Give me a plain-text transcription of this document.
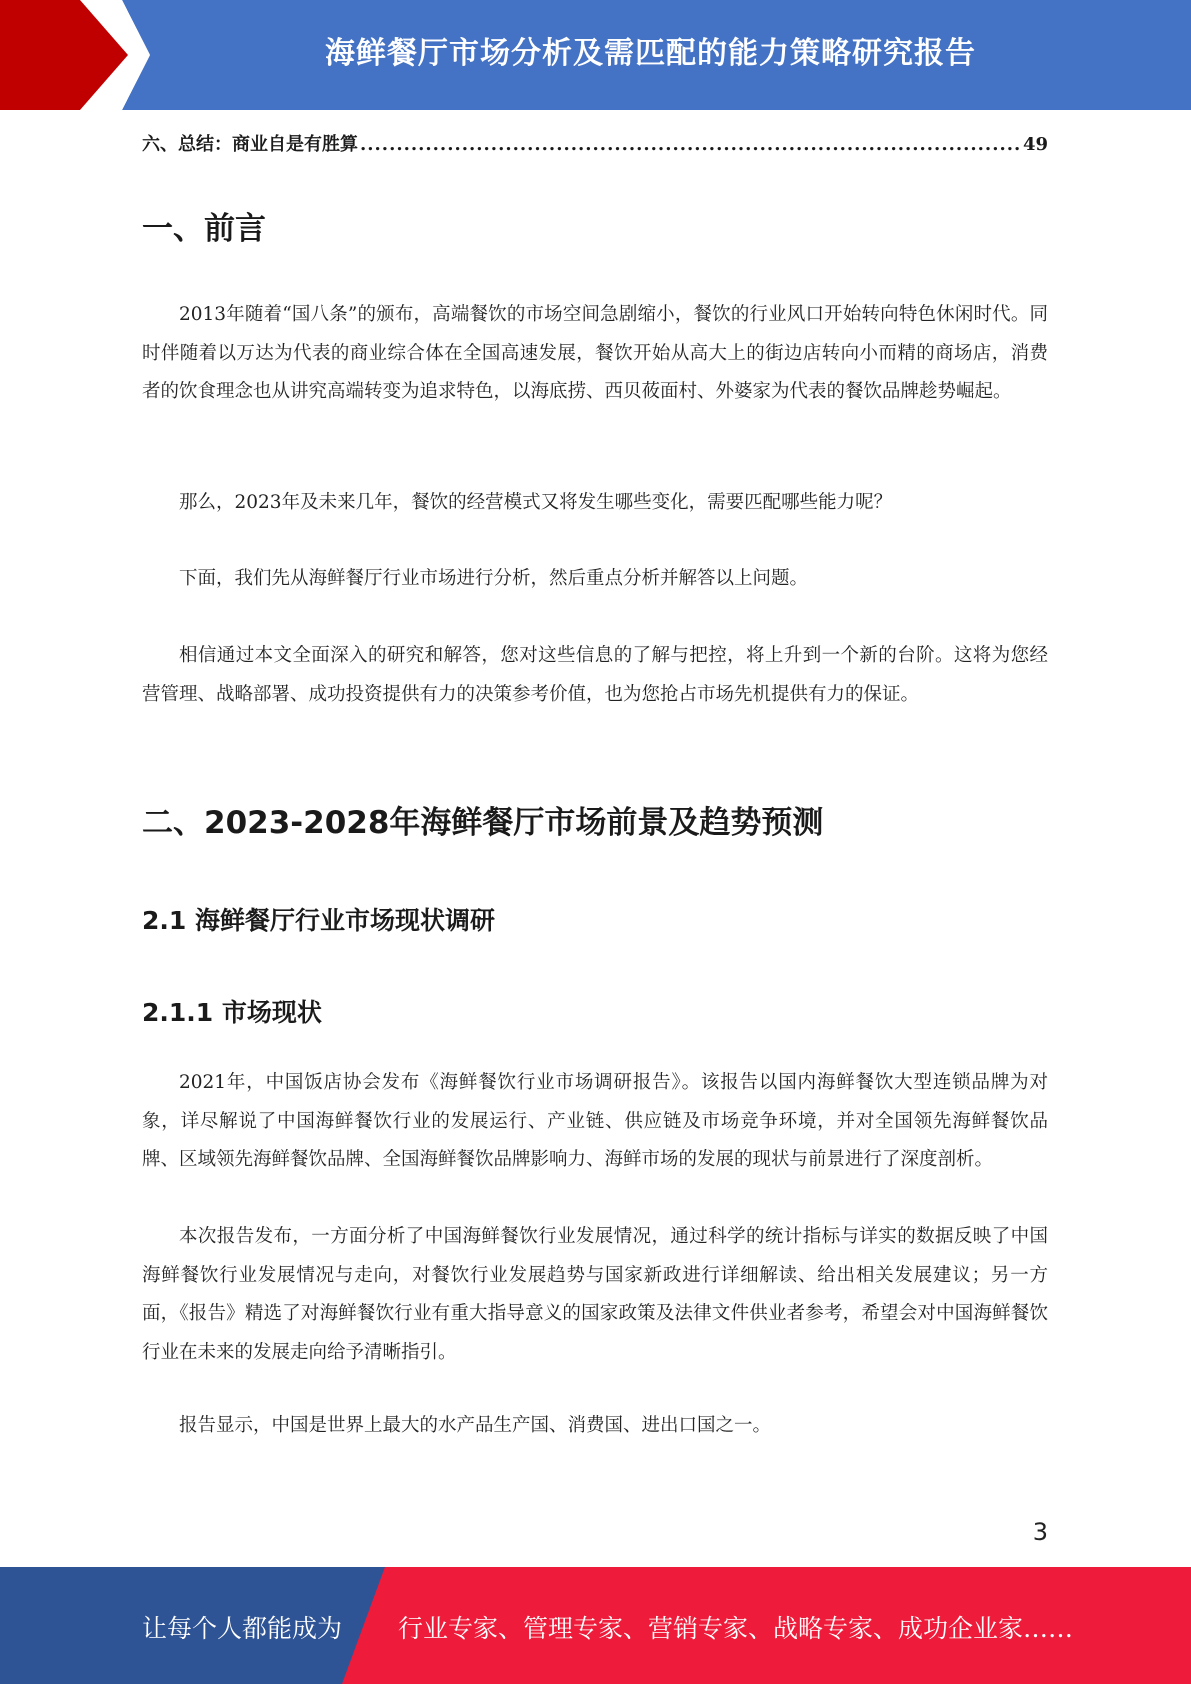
海鲜餐厅市场分析及需匹配的能力策略研究报告
六、总结：商业自是有胜算
.....	49
一、前言

2013年随着“国八条”的颁布，高端餐饮的市场空间急剧缩小，餐饮的行业风口开始转向特色休闲时代。同时伴随着以万达为代表的商业综合体在全国高速发展，餐饮开始从高大上的街边店转向小而精的商场店，消费者的饮食理念也从讲究高端转变为追求特色，以海底捞、西贝莜面村、外婆家为代表的餐饮品牌趁势崛起。

那么，2023年及未来几年，餐饮的经营模式又将发生哪些变化，需要匹配哪些能力呢？

下面，我们先从海鲜餐厅行业市场进行分析，然后重点分析并解答以上问题。

相信通过本文全面深入的研究和解答，您对这些信息的了解与把控，将上升到一个新的台阶。这将为您经营管理、战略部署、成功投资提供有力的决策参考价值，也为您抢占市场先机提供有力的保证。

二、2023-2028年海鲜餐厅市场前景及趋势预测
2.1 海鲜餐厅行业市场现状调研
2.1.1 市场现状

2021年，中国饭店协会发布《海鲜餐饮行业市场调研报告》。该报告以国内海鲜餐饮大型连锁品牌为对象，详尽解说了中国海鲜餐饮行业的发展运行、产业链、供应链及市场竞争环境，并对全国领先海鲜餐饮品牌、区域领先海鲜餐饮品牌、全国海鲜餐饮品牌影响力、海鲜市场的发展的现状与前景进行了深度剖析。

本次报告发布，一方面分析了中国海鲜餐饮行业发展情况，通过科学的统计指标与详实的数据反映了中国海鲜餐饮行业发展情况与走向，对餐饮行业发展趋势与国家新政进行详细解读、给出相关发展建议；另一方面，《报告》精选了对海鲜餐饮行业有重大指导意义的国家政策及法律文件供业者参考，希望会对中国海鲜餐饮行业在未来的发展走向给予清晰指引。

报告显示，中国是世界上最大的水产品生产国、消费国、进出口国之一。

3
让每个人都能成为 行业专家、管理专家、营销专家、战略专家、成功企业家……
